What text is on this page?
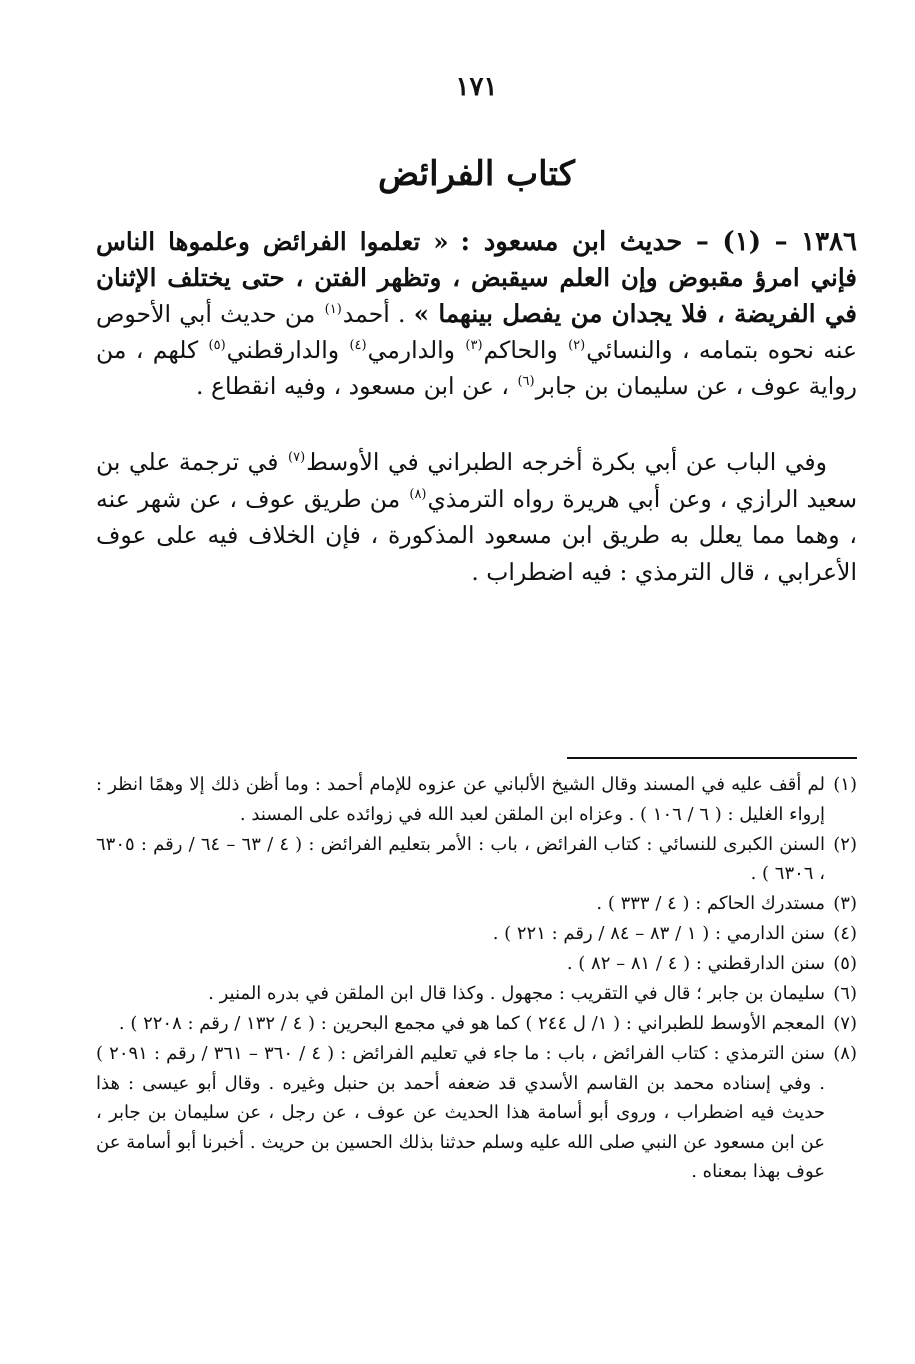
١٧١
كتاب الفرائض

١٣٨٦ – (١) – حديث ابن مسعود : « تعلموا الفرائض وعلموها الناس فإني امرؤ مقبوض وإن العلم سيقبض ، وتظهر الفتن ، حتى يختلف الإثنان في الفريضة ، فلا يجدان من يفصل بينهما » . أحمد$^{(١)}$ من حديث أبي الأحوص عنه نحوه بتمامه ، والنسائي$^{(٢)}$ والحاكم$^{(٣)}$ والدارمي$^{(٤)}$ والدارقطني$^{(٥)}$ كلهم ، من رواية عوف ، عن سليمان بن جابر$^{(٦)}$ ، عن ابن مسعود ، وفيه انقطاع .

وفي الباب عن أبي بكرة أخرجه الطبراني في الأوسط$^{(٧)}$ في ترجمة علي بن سعيد الرازي ، وعن أبي هريرة رواه الترمذي$^{(٨)}$ من طريق عوف ، عن شهر عنه ، وهما مما يعلل به طريق ابن مسعود المذكورة ، فإن الخلاف فيه على عوف الأعرابي ، قال الترمذي : فيه اضطراب .

(١)
لم أقف عليه في المسند وقال الشيخ الألباني عن عزوه للإمام أحمد : وما أظن ذلك إلا وهمًا انظر : إرواء الغليل : ( ٦ / ١٠٦ ) . وعزاه ابن الملقن لعبد الله في زوائده على المسند .
(٢)
السنن الكبرى للنسائي : كتاب الفرائض ، باب : الأمر بتعليم الفرائض : ( ٤ / ٦٣ – ٦٤ / رقم : ٦٣٠٥ ، ٦٣٠٦ ) .
(٣)
مستدرك الحاكم : ( ٤ / ٣٣٣ ) .
(٤)
سنن الدارمي : ( ١ / ٨٣ – ٨٤ / رقم : ٢٢١ ) .
(٥)
سنن الدارقطني : ( ٤ / ٨١ – ٨٢ ) .
(٦)
سليمان بن جابر ؛ قال في التقريب : مجهول . وكذا قال ابن الملقن في بدره المنير .
(٧)
المعجم الأوسط للطبراني : ( ١/ ل ٢٤٤ ) كما هو في مجمع البحرين : ( ٤ / ١٣٢ / رقم : ٢٢٠٨ ) .
(٨)
سنن الترمذي : كتاب الفرائض ، باب : ما جاء في تعليم الفرائض : ( ٤ / ٣٦٠ – ٣٦١ / رقم : ٢٠٩١ ) . وفي إسناده محمد بن القاسم الأسدي قد ضعفه أحمد بن حنبل وغيره . وقال أبو عيسى : هذا حديث فيه اضطراب ، وروى أبو أسامة هذا الحديث عن عوف ، عن رجل ، عن سليمان بن جابر ، عن ابن مسعود عن النبي صلى الله عليه وسلم حدثنا بذلك الحسين بن حريث . أخبرنا أبو أسامة عن عوف بهذا بمعناه .
